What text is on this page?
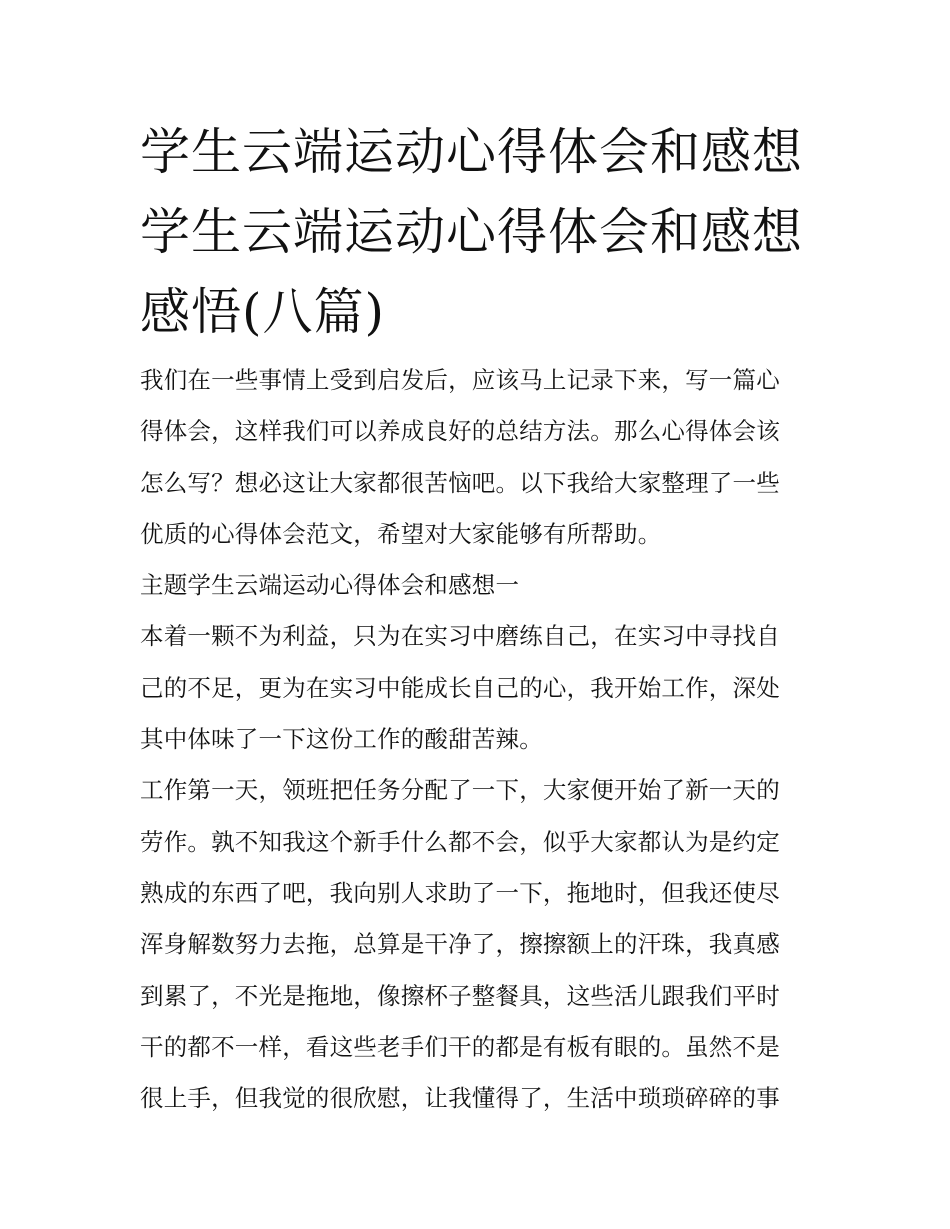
学生云端运动心得体会和感想
学生云端运动心得体会和感想
感悟(八篇)

我们在一些事情上受到启发后，应该马上记录下来，写一篇心
得体会，这样我们可以养成良好的总结方法。那么心得体会该
怎么写？想必这让大家都很苦恼吧。以下我给大家整理了一些
优质的心得体会范文，希望对大家能够有所帮助。

主题学生云端运动心得体会和感想一

本着一颗不为利益，只为在实习中磨练自己，在实习中寻找自
己的不足，更为在实习中能成长自己的心，我开始工作，深处
其中体味了一下这份工作的酸甜苦辣。

工作第一天，领班把任务分配了一下，大家便开始了新一天的
劳作。孰不知我这个新手什么都不会，似乎大家都认为是约定
熟成的东西了吧，我向别人求助了一下，拖地时，但我还使尽
浑身解数努力去拖，总算是干净了，擦擦额上的汗珠，我真感
到累了，不光是拖地，像擦杯子整餐具，这些活儿跟我们平时
干的都不一样，看这些老手们干的都是有板有眼的。虽然不是
很上手，但我觉的很欣慰，让我懂得了，生活中琐琐碎碎的事
